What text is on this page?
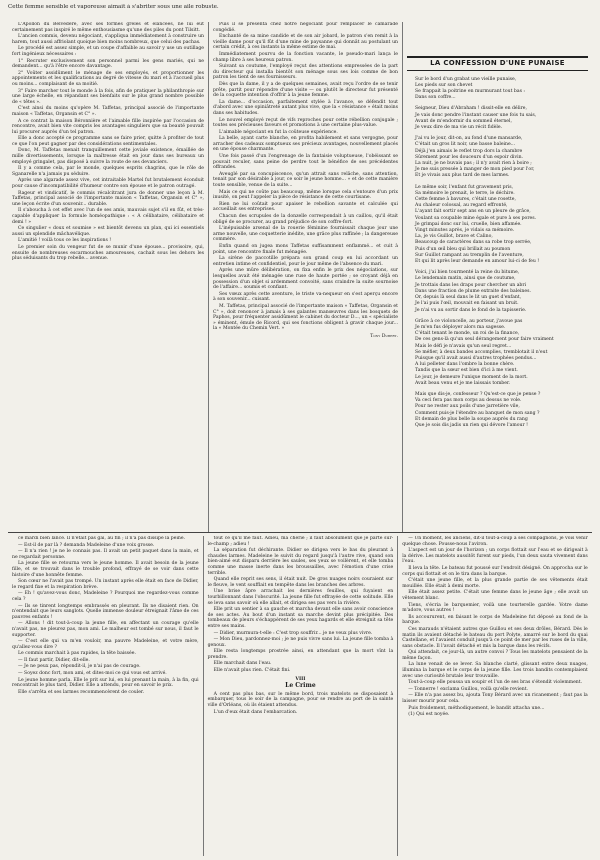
Cette femme sensible et vaporeuse aimait à s'abriter sous une aile robuste.

L'Apollon du Belvédère, avec ses formes grêles et élancées, ne lui eût certainement pas inspiré le même enthousiasme qu'une des piles du pont Tilsitt.

L'ancien commis, devenu négociant, s'appliqua immédiatement à construire un harem, tout aussi affriolant quoique bien moins nombreux, que celui des pachas.

Le procédé est assez simple, et un coupe d'affaible au savoir y use un outillage fort ingénieux nécessaires :

1° Recruter exclusivement son personnel parmi les gens mariés, qui ne demandent... qu'à l'être encore davantage.

2° Voûter assidûment le ménage de ses employés, et proportionner les appointements et les qualifications au degré de vitesse du mari et à l'accueil plus ou moins... complaisant de sa moitié.

3° Faire marcher tout le monde à la fois, afin de pratiquer la philanthropie sur une large échelle, en répandant ses bienfaits sur le plus grand nombre possible de « têtes ».

C'est ainsi du moins qu'opère M. Taffetas, principal associé de l'importante maison « Taffetas, Organsin et C° ».

A ce contrat la maison Béronnière et l'aimable fille inspirée par l'occasion de rencontre, avait bien vite compris les avantages singuliers que sa beauté pouvait lui procurer auprès d'un tel patron.

Elle a donc accepté ce programme sans se faire prier, quitte à profiter de tout ce que l'on peut gagner par des considérations sentimentales.

Donc, M. Taffetas menait tranquillement cette joviale existence, émaillée de mille divertissements, lorsque la maîtresse était en jour dans ses bureaux un employé gringalet, pas disposé à suivre la route de ses devanciers.

Il y a comme cela, par le monde, quelques esprits chagrins, que le rôle de Sganarelle n'a jamais pu séduire.

Après une algarade assez vive, cet intraitable Martel fut brutalement éconduit pour cause d'incompatibilité d'humeur contre son épouse et le patron outragé.

Rageur et vindicatif, le commis récalcitrant jura de donner une leçon à M. Taffetas, principal associé de l'importante maison « Taffetas, Organsin et C° », une leçon écrite d'un souvenir... durable.

Il s'aboucha à cet effet avec l'un de ses amis, mauvais sujet s'il en fût, et très-capable d'appliquer la formule homéopathique : « A célibataire, célibataire et demi ! »

Ce singulier « doux et soumise » est bientôt devenu un plan, qui ici essentiels aussi un splendide mâchavélique.

L'amitié ! voilà tous ce les inspirations !

Le premier soin du vengeur fut de se munir d'une épouse... provisoire, qui, ensuite de nombreuses escarmouches amoureuses, cachait sous les dehors les plus séduisants du trop rebelle... avenue.

Puis il se présenta chez notre négociant pour remplacer le camarade congédié.

Enchanté de sa mine candide et de son air jobard, le patron s'en remit à la vieille dame pour qu'il fût d'une mine de paysanne qui donnât au postulant un certain crédit, à ces instants la même estime de mai.

Immédiatement pourvu de la fonction vacante, le pseudo-mari lança le champ libre à ses heureux patron.

Suivant sa coutume, l'employé reçut des attentions empressées de la part du directeur qui installa bientôt son ménage sous ses lois comme de bon patron les tient de ses fournisseurs.

Dès que la dame, il y a de quelques semaines, avait reçu l'ordre de se tenir prête, partit pour répondre d'une visite — ou plutôt le directeur fut présenté de la coquette intention d'offrir à la jeune femme.

La dame... d'occasion, parfaitement stylée à l'avance, se défendit tout d'abord avec une opiniâtreté autant plus vive, que la « résistance » était moins dans ses habitudes.

Le nouvel employé reçut de vifs reproches pour cette rébellion conjugale ; toutes ses précieuses faveurs et promotions à une certaine plus-value.

L'aimable négociant en fut la coûteuse expérience.

La belle, ayant carte blanche, en profita habilement et sans vergogne, pour arracher des cadeaux somptueux ses précieux avantages, nouvellement placés en une épouse charmante.

Une fois passé d'un l'engrenage de la fantaisie voluptueuse, l'obéissant se pouvait reculer, sans peine de perdre tout le bénéfice de ses précédentes offrandes.

Aveuglé par sa concupiscence, qu'un attrait sans relâche, sans attention, tenait par son désirable à jour, ce soir le jeune homme... » et de cette manière toute sensible, venue de la suite...

Mais ce qui ne coûte pas beaucoup, même lorsque cela s'entoure d'un prix inusité, on peut l'appeler la pièce de résistance de cette courtisane.

Rien ne lui coûtait pour apaiser le rebellion savante et calculée qui accueillait ses entreprises.

Chacun des scrupules de la donzelle correspondait à un caillou, qu'il était obligé de se procurer, au grand préjudice de son coffre-fort.

L'inépuisable arsenal de la rouerie féminine fournissait chaque jour une arme nouvelle, une coquetterie inédite, une grâce plus raffinée ; la dangereuse commère.

Enfin quand on jugea mons Taffetas suffisamment enflammé... et cuit à point, une rencontre finale fut ménagée.

La sirène de paccotille prépara son grand coup en lui accordant un entretien intime et confidentiel, pour le jour même de l'absence du mari.

Après une mûre délibération, on fixa enfin le prix des négociations, sur lesquelles avait été ménagée une ruse de haute portée ; se croyant déjà en possession d'un objet si ardemment convoité, sans craindre la suite sournoise de l'affaire... soumis et confiant.

Ses vœux après cette aventure, le triste va-nequeur en s'est aperçu encore à son souvenir... cuisant.

M. Taffetas, principal associé de l'importante maison « Taffetas, Organsin et C° », doit renoncer à jamais à ses galantes manœuvres dans les bosquets de Paphos, pour fréquenter assidûment le cabinet du docteur D..., un « spécialiste » éminent, émule de Ricord, qui ses fonctions obligent à gravir chaque jour... la « Montée du Chemin Vert. »

Tony Dubert.
LA CONFESSION D'UNE PUNAISE
Sur le bord d'un grabat une vieille punaise,
Les pieds sur son chevet
Se frappait la poitrine en murmurant tout bas :
Dans son coffre...
Seigneur, Dieu d'Abraham ! dissit-elle en délire,
Je vais donc pendre l'instant causer une fois tu sais,
Avant de m'endormir du sommeil éternel,
Je veux dire de ma vie un récit fidèle.
J'ai vu le jour, dit-on, au fond d'une mansarde,
C'était un gros lit noir, une basse baleine...
Déjà j'en aimais le reflet trop dors la chambre
Sûrement pour les douceurs d'un espoir divin.
La nuit, je ne buvais pas ; il n'y avait rien à boire ;
Je me suis pressée à manger de mon pied pour l'or,
Et je vivais aux plus tard de mes larmes.
Le même soir, l'enfant fut gravement pris,
Sa mémoire le prenait, le terre, le déchire.
Cette femme à bavures, c'était une rosette,
Au chaleur colossal, au regard effronté,
L'ayant fait sortir sept ans en un pleure de grâce,
Voulant sa coupable mine égale et pure à ses pores.
Je grimpai donc sur lui, cruelle, bien affamée.
Vingt minutes après, je vidais sa mémoire.
La, je vis Guillot, brave et Calino,
Beaucoup de caractères dans sa robe trop serrée,
Puis d'un œil bleu qui brillait au poumon
Sur Guillot rampant au tremplin de l'aventure,
Et qui lit après leur demande en amour lui-ci de feu !
Voici, j'ai bien tourmenté la reine du bitume,
Le lendemain matin, ainsi que de coutume,
Je trottais dans les draps pour chercher un abri
Dans une fraction de plume extraite des baleines.
Or, depuis là seul dans le lit un guet d'enfant,
Je l'ai puis l'œil, mouvait en faisant un bruit.
Je n'ai vu au sortir dans le fond de la tapisserie.
Grâce à ce violoncelle, au porteur, j'avoue pas
Je m'en fus déployer alors ma sagesse.
C'était tenant le monde, un roi de la finance,
De ces gens-là qu'un seul dérangement pour faire vraiment
Mais le défi je n'avais qu'un seul regret...
Se méfier, à deux bandes accomplies, tremblotait il n'eut
Puisque qu'il avait aussi d'autres trophées pendus...
A lui pelleter dans l'ombre la bonne chère.
Tandis que la sœur est bien d'ici à me vient.
Le jour, je demeure l'unique moment de la mort.
Avait beau venu et je me laissais tomber.
Mais que dis-je, confesseur ? Qu'est-ce que je pense ?
Va ceci fera pas mon corps au dessus ne vole.
Pour ne rester aux poils d'une jarretière vile,
Comment puis-je l'étendre au banquet de mon sang ?
Et demain de plus belle la soupe auprès du rang
Que je sois dis jadis un rien qui dévore l'amour !

ce mardi bien lancé. Il n'était pas gai, au fin ; il n'a pas dissipé la peine.

— Est-il de par là ? demanda Madeleine d'une voix grosse.

— Il n'a rien ! je ne le connais pas. Il avait un petit paquet dans la main, et ne regardait personne.

La jeune fille se retourna vers le jeune homme. Il avait besoin de la jeune fille, et se trouvait dans le trouble profond, effrayé de se voir dans cette histoire d'une honnête femme.

Son cœur ne l'avait pas trompé. Un instant après elle était en face de Didier, le regard fixe et la respiration brève.

— Eh ! qu'avez-vous donc, Madeleine ? Pourquoi me regardez-vous comme cela ?

— Ils se tinrent longtemps embrassés en pleurant. Ils ne disaient rien. On n'entendait que leurs sanglots. Quelle immense douleur étreignait l'âme de ces pauvres enfants !

— Allons ! dit tout-à-coup la jeune fille, en affectant un courage qu'elle n'avait pas, ne pleurez pas, mon ami. Le malheur est tombé sur nous, il faut le supporter.

— C'est elle qui va m'en vouloir, ma pauvre Madeleine, et votre mère, qu'allez-vous dire ?

Le commis marchait à pas rapides, la tête baissée.

— Il faut partir, Didier, dit-elle.

— Je ne peux pas, répondit-il, je n'ai pas de courage.

— Soyez donc fort, mon ami, et dites-moi ce qui vous est arrivé.

Le jeune homme parla. Elle le prit sur lui, en lui prenant la main, à la fin, qui rencontrait le plus tard, Didier. Elle a attendu, pour en savoir le prix.

Elle s'arrêta et ses larmes recommencèrent de couler.

tout ce qu'il me faut. Adieu, ma chérie ; il faut absolument que je parte sur-le-champ ; adieu !

La séparation fut déchirante. Didier se dirigea vers le bas du pleurant à chaudes larmes. Madeleine le suivit du regard jusqu'à l'autre rive, quand son bien-aimé eut disparu derrière les saules, ses yeux se voilèrent, et elle tomba comme une masse inerte dans les broussailles, avec l'émotion d'une crise terrible.

Quand elle reprit ses sens, il était nuit. De gros nuages noirs couraient sur le fleuve, le vent soufflait en tempête dans les branches des arbres.

Une brise âpre arrachait les dernières feuilles, qui fuyaient en tourbillonnant dans l'obscurité. La jeune fille fut effrayée de cette solitude. Elle se leva sans savoir où elle allait, et dirigea ses pas vers la rivière.

Elle prit un sentier à sa gauche et marcha devant elle sans avoir conscience de ses actes. Au bout d'un instant sa marche devint plus précipitée. Des tombeaux de pleurs s'échappèrent de ses yeux hagards et elle étreignit sa tête entre ses mains.

— Didier, murmura-t-elle : C'est trop souffrir... je ne veux plus vivre.

— Mon Dieu, pardonnez-moi ; je ne puis vivre sans lui. La jeune fille tomba à genoux.

Elle resta longtemps prostrée ainsi, en attendant que la mort vînt la prendre.

Elle marchait dans l'eau.

Elle n'avait plus rien. C'était fini.

VIII
Le Crime

A cent pas plus bas, sur le même bord, trois matelots se disposaient à embarquer, tous le soir de la campagne, pour se rendre au port de la sainte ville d'Orléans, où ils étaient attendus.

L'un d'eux était dans l'embarcation.

— Un moment, les anciens, dit-il tout-à-coup à ses compagnons, je vois venir quelque chose. Pousse-nous l'aviron.

L'aspect est un jour de l'horizon ; un corps flottait sur l'eau et se dirigeait à la dérive. Les matelots aussitôt furent sur pieds, l'un deux sauta vivement dans l'eau.

Il leva la tête. Le bateau fut poussé sur l'endroit désigné. On approcha sur le corps qui flottait et on le tira dans la barque.

C'était une jeune fille, et la plus grande partie de ses vêtements était mouillée. Elle était à demi morte.

Elle était assez petite. C'était une femme dans le jeune âge ; elle avait un vêtement blanc.

Tiens, s'écria le barquemier, voilà une tourterelle gardée. Votre dame m'adore, vous autres !

Ils accoururent, en faisant le corps de Madeleine fut déposé au fond de la barque.

Ces marauds n'étaient autres que Guillou et ses deux drôles, Bérard. Dès le matin ils avaient détaché le bateau du port Polyte, amarré sur le bord du quai Castellane, et l'avaient conduit jusqu'à ce point de mer par les ruses de la ville, sans obstacle. Il l'avait détaché et mis la barque dans les récifs.

Qui attendait, ce jour-là, un autre convoi ? Tous les matelots pensaient de la même façon.

La lune venait de se lever. Sa blanche clarté, glissant entre deux nuages, illumina la barque et le corps de la jeune fille. Les trois bandits contemplaient avec une curiosité brutale leur trouvaille.

Tout-à-coup elle poussa un soupir et l'un de ses bras s'étendit violemment.

— Tonnerre ! exclama Guillou, voilà qu'elle revient.

— Elle n'a pas assez bu, ajouta Tony Bérard avec un ricanement ; faut pas la laisser mourir pour cela.

Puis froidement, méthodiquement, le bandit attacha une...

(1) Qui est noyée.
